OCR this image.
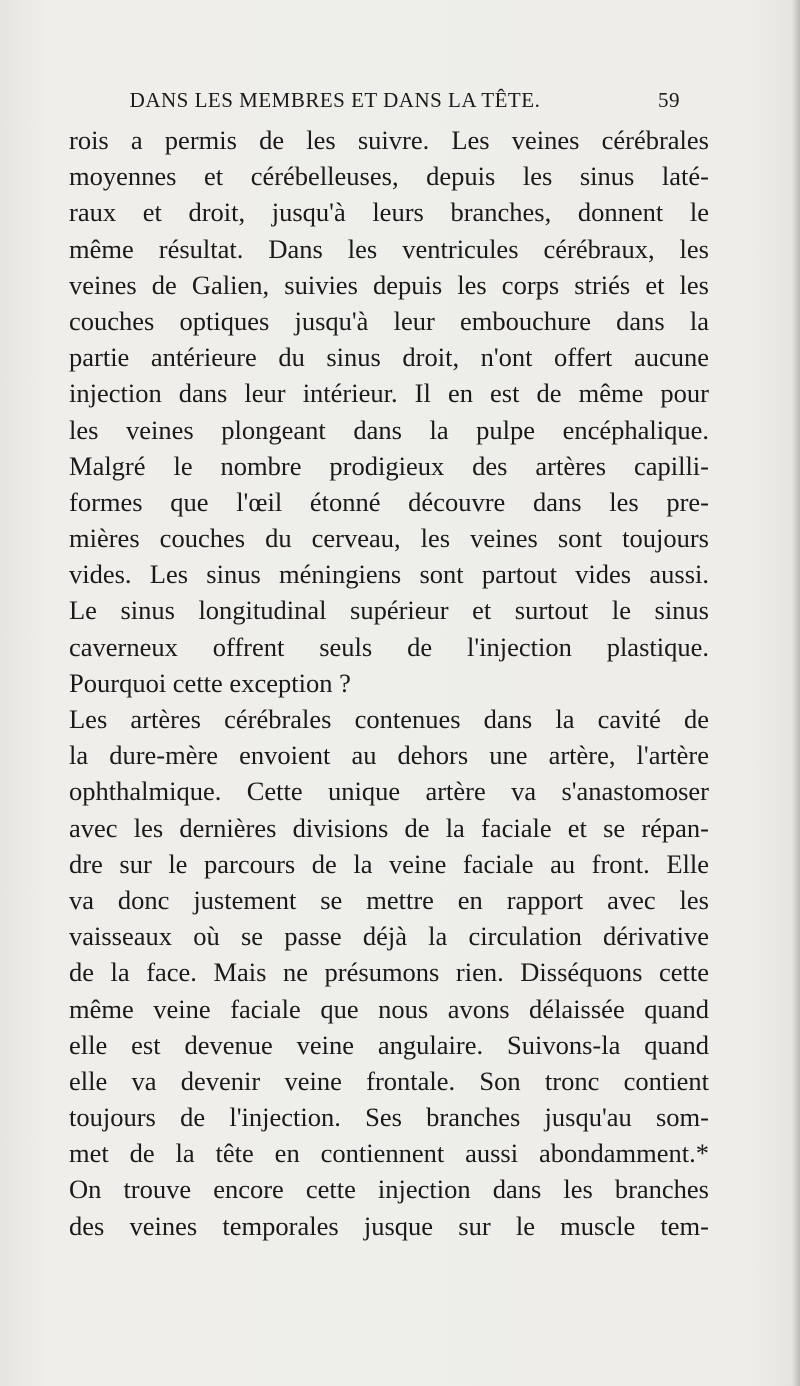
DANS LES MEMBRES ET DANS LA TÊTE.	59
rois a permis de les suivre. Les veines cérébrales
moyennes et cérébelleuses, depuis les sinus laté-
raux et droit, jusqu'à leurs branches, donnent le
même résultat. Dans les ventricules cérébraux, les
veines de Galien, suivies depuis les corps striés et les
couches optiques jusqu'à leur embouchure dans la
partie antérieure du sinus droit, n'ont offert aucune
injection dans leur intérieur. Il en est de même pour
les veines plongeant dans la pulpe encéphalique.
Malgré le nombre prodigieux des artères capilli-
formes que l'œil étonné découvre dans les pre-
mières couches du cerveau, les veines sont toujours
vides. Les sinus méningiens sont partout vides aussi.
Le sinus longitudinal supérieur et surtout le sinus
caverneux offrent seuls de l'injection plastique.
Pourquoi cette exception ?
Les artères cérébrales contenues dans la cavité de
la dure-mère envoient au dehors une artère, l'artère
ophthalmique. Cette unique artère va s'anastomoser
avec les dernières divisions de la faciale et se répan-
dre sur le parcours de la veine faciale au front. Elle
va donc justement se mettre en rapport avec les
vaisseaux où se passe déjà la circulation dérivative
de la face. Mais ne présumons rien. Disséquons cette
même veine faciale que nous avons délaissée quand
elle est devenue veine angulaire. Suivons-la quand
elle va devenir veine frontale. Son tronc contient
toujours de l'injection. Ses branches jusqu'au som-
met de la tête en contiennent aussi abondamment.*
On trouve encore cette injection dans les branches
des veines temporales jusque sur le muscle tem-
